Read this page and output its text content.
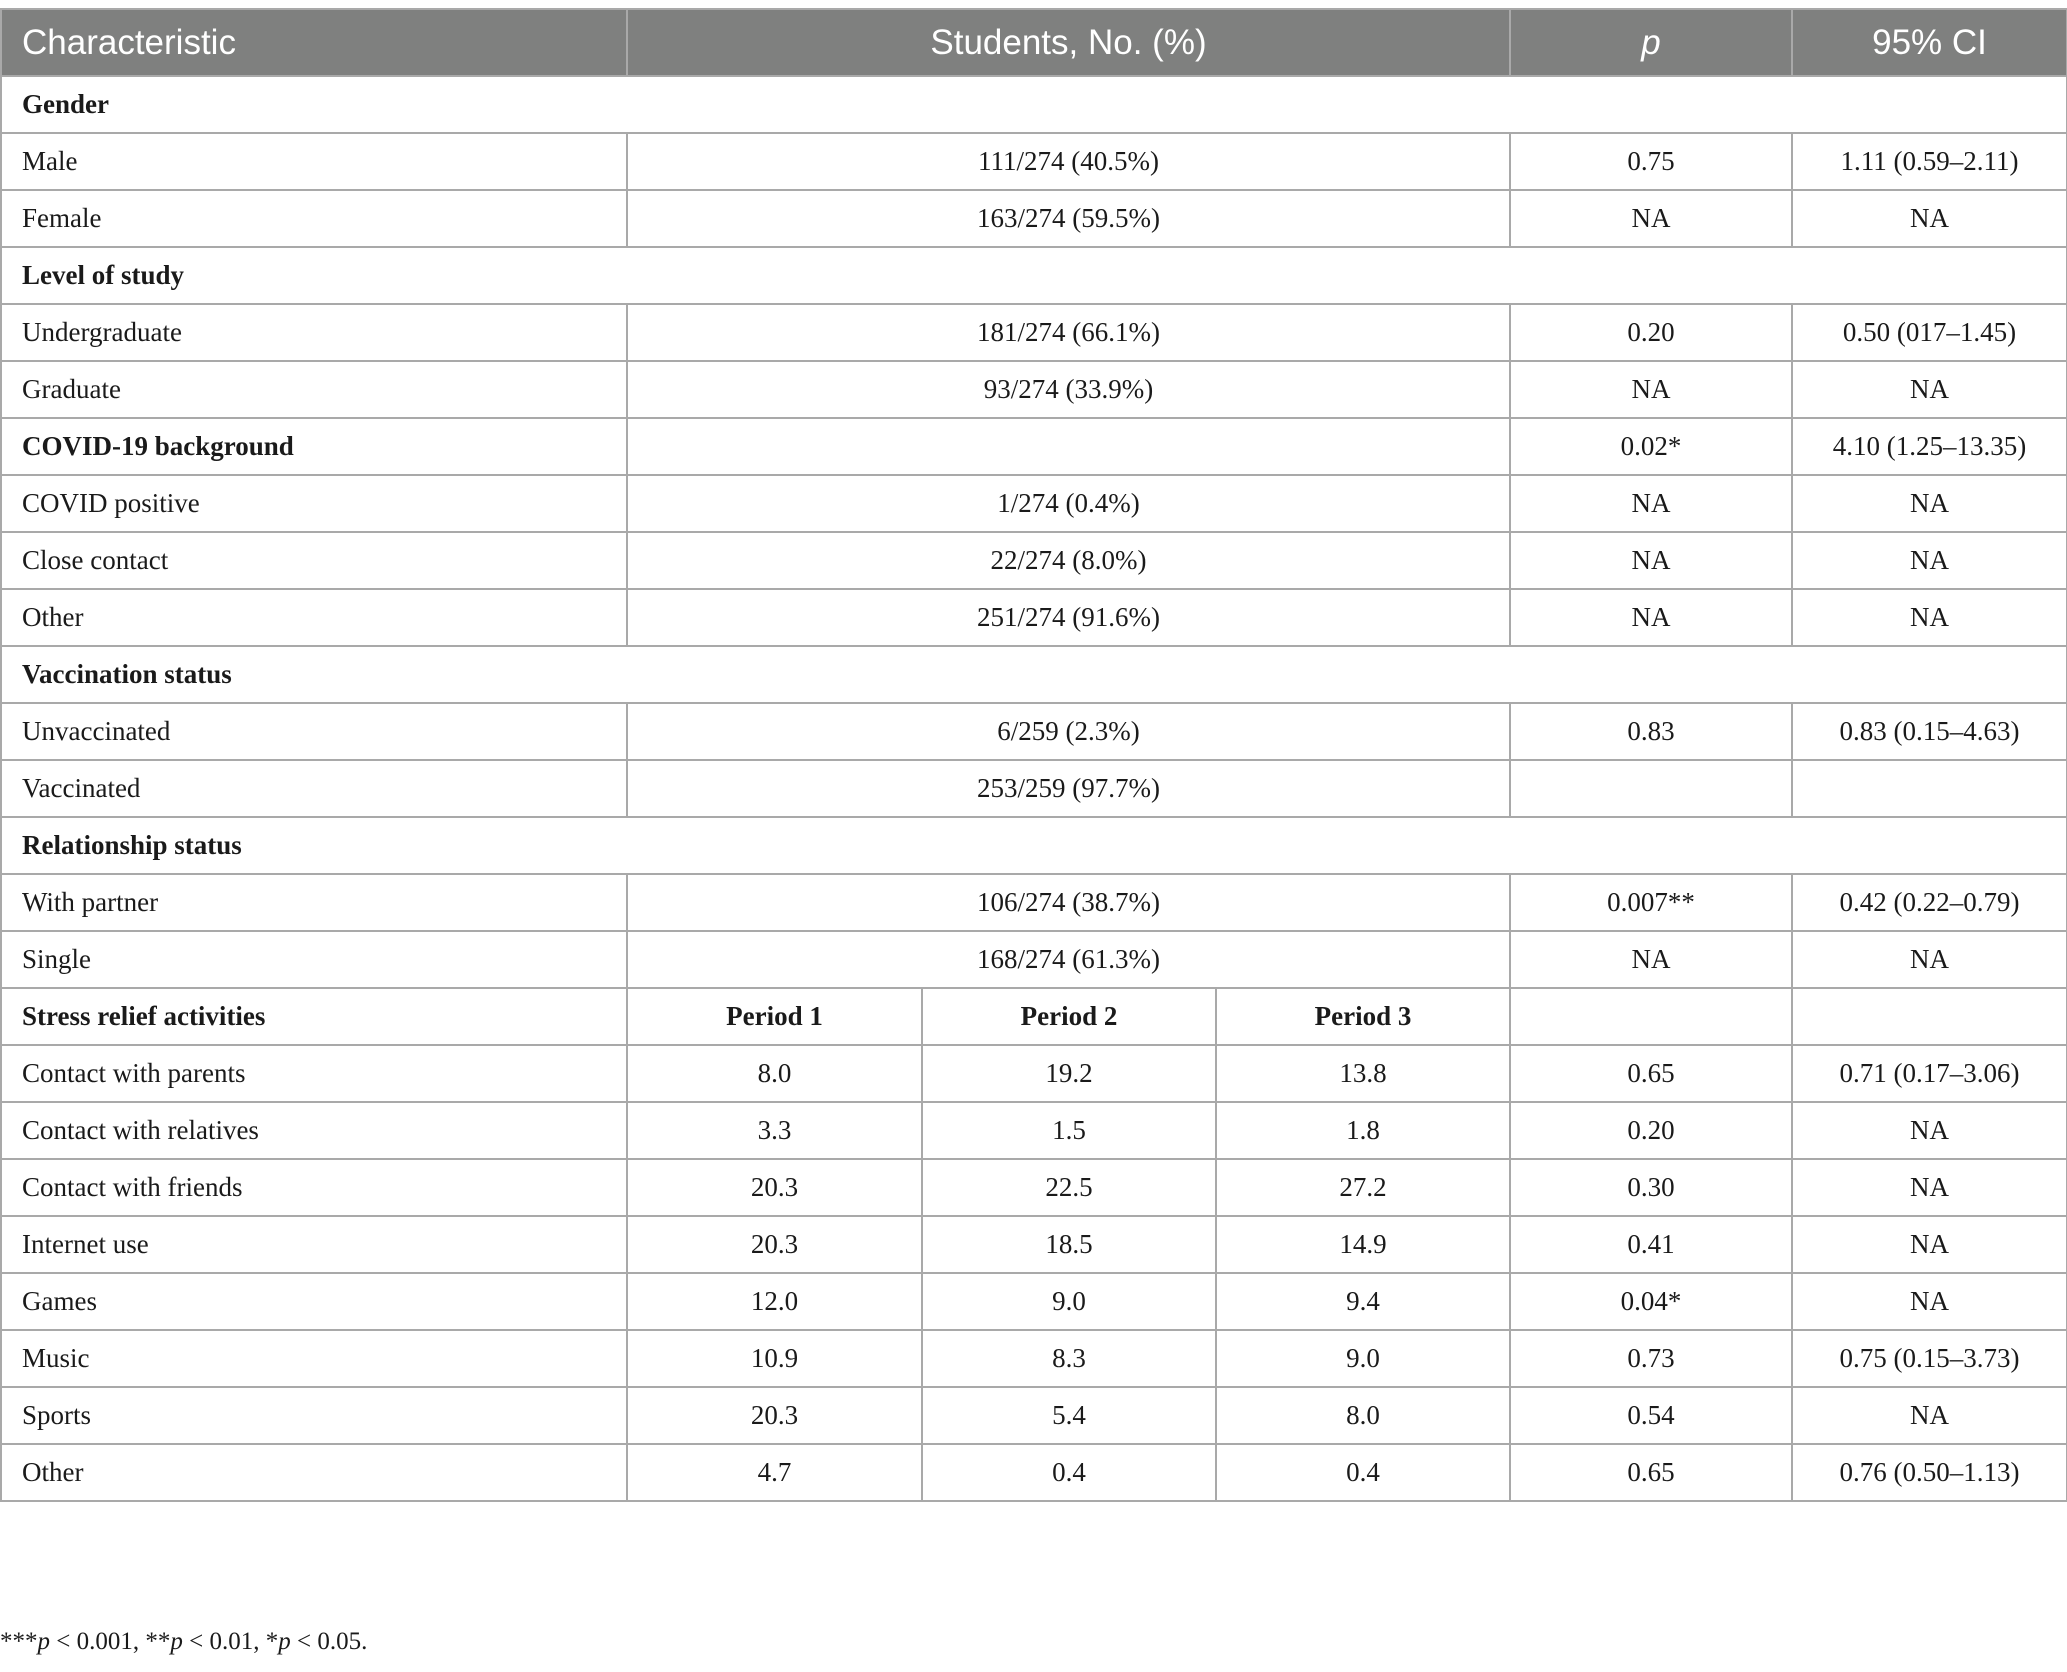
Characteristic	Students, No. (%)			p	95% CI
Gender					
Male	111/274 (40.5%)			0.75	1.11 (0.59–2.11)
Female	163/274 (59.5%)			NA	NA
Level of study					
Undergraduate	181/274 (66.1%)			0.20	0.50 (017–1.45)
Graduate	93/274 (33.9%)			NA	NA
COVID-19 background				0.02*	4.10 (1.25–13.35)
COVID positive	1/274 (0.4%)			NA	NA
Close contact	22/274 (8.0%)			NA	NA
Other	251/274 (91.6%)			NA	NA
Vaccination status					
Unvaccinated	6/259 (2.3%)			0.83	0.83 (0.15–4.63)
Vaccinated	253/259 (97.7%)				
Relationship status					
With partner	106/274 (38.7%)			0.007**	0.42 (0.22–0.79)
Single	168/274 (61.3%)			NA	NA
Stress relief activities	Period 1	Period 2	Period 3		
Contact with parents	8.0	19.2	13.8	0.65	0.71 (0.17–3.06)
Contact with relatives	3.3	1.5	1.8	0.20	NA
Contact with friends	20.3	22.5	27.2	0.30	NA
Internet use	20.3	18.5	14.9	0.41	NA
Games	12.0	9.0	9.4	0.04*	NA
Music	10.9	8.3	9.0	0.73	0.75 (0.15–3.73)
Sports	20.3	5.4	8.0	0.54	NA
Other	4.7	0.4	0.4	0.65	0.76 (0.50–1.13)
***p < 0.001, **p < 0.01, *p < 0.05.
